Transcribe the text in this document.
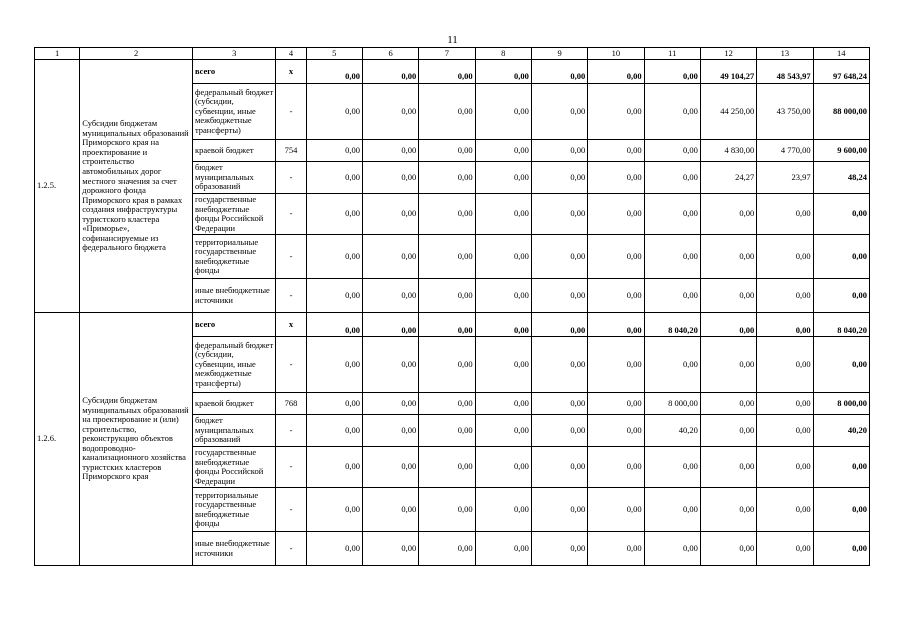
11
1	2	3	4	5	6	7	8	9	10	11	12	13	14
1.2.5.	Субсидии бюджетам муниципальных образований Приморского края на проектирование и строительство автомобильных дорог местного значения за счет дорожного фонда Приморского края в рамках создания инфраструктуры туристского кластера «Приморье», софинансируемые из федерального бюджета	всего	x	0,00	0,00	0,00	0,00	0,00	0,00	0,00	49 104,27	48 543,97	97 648,24
		федеральный бюджет (субсидии, субвенции, иные межбюджетные трансферты)	-	0,00	0,00	0,00	0,00	0,00	0,00	0,00	44 250,00	43 750,00	88 000,00
		краевой бюджет	754	0,00	0,00	0,00	0,00	0,00	0,00	0,00	4 830,00	4 770,00	9 600,00
		бюджет муниципальных образований	-	0,00	0,00	0,00	0,00	0,00	0,00	0,00	24,27	23,97	48,24
		государственные внебюджетные фонды Российской Федерации	-	0,00	0,00	0,00	0,00	0,00	0,00	0,00	0,00	0,00	0,00
		территориальные государственные внебюджетные фонды	-	0,00	0,00	0,00	0,00	0,00	0,00	0,00	0,00	0,00	0,00
		иные внебюджетные источники	-	0,00	0,00	0,00	0,00	0,00	0,00	0,00	0,00	0,00	0,00
1.2.6.	Субсидии бюджетам муниципальных образований на проектирование и (или) строительство, реконструкцию объектов водопроводно-канализационного хозяйства туристских кластеров Приморского края	всего	x	0,00	0,00	0,00	0,00	0,00	0,00	8 040,20	0,00	0,00	8 040,20
		федеральный бюджет (субсидии, субвенции, иные межбюджетные трансферты)	-	0,00	0,00	0,00	0,00	0,00	0,00	0,00	0,00	0,00	0,00
		краевой бюджет	768	0,00	0,00	0,00	0,00	0,00	0,00	8 000,00	0,00	0,00	8 000,00
		бюджет муниципальных образований	-	0,00	0,00	0,00	0,00	0,00	0,00	40,20	0,00	0,00	40,20
		государственные внебюджетные фонды Российской Федерации	-	0,00	0,00	0,00	0,00	0,00	0,00	0,00	0,00	0,00	0,00
		территориальные государственные внебюджетные фонды	-	0,00	0,00	0,00	0,00	0,00	0,00	0,00	0,00	0,00	0,00
		иные внебюджетные источники	-	0,00	0,00	0,00	0,00	0,00	0,00	0,00	0,00	0,00	0,00
